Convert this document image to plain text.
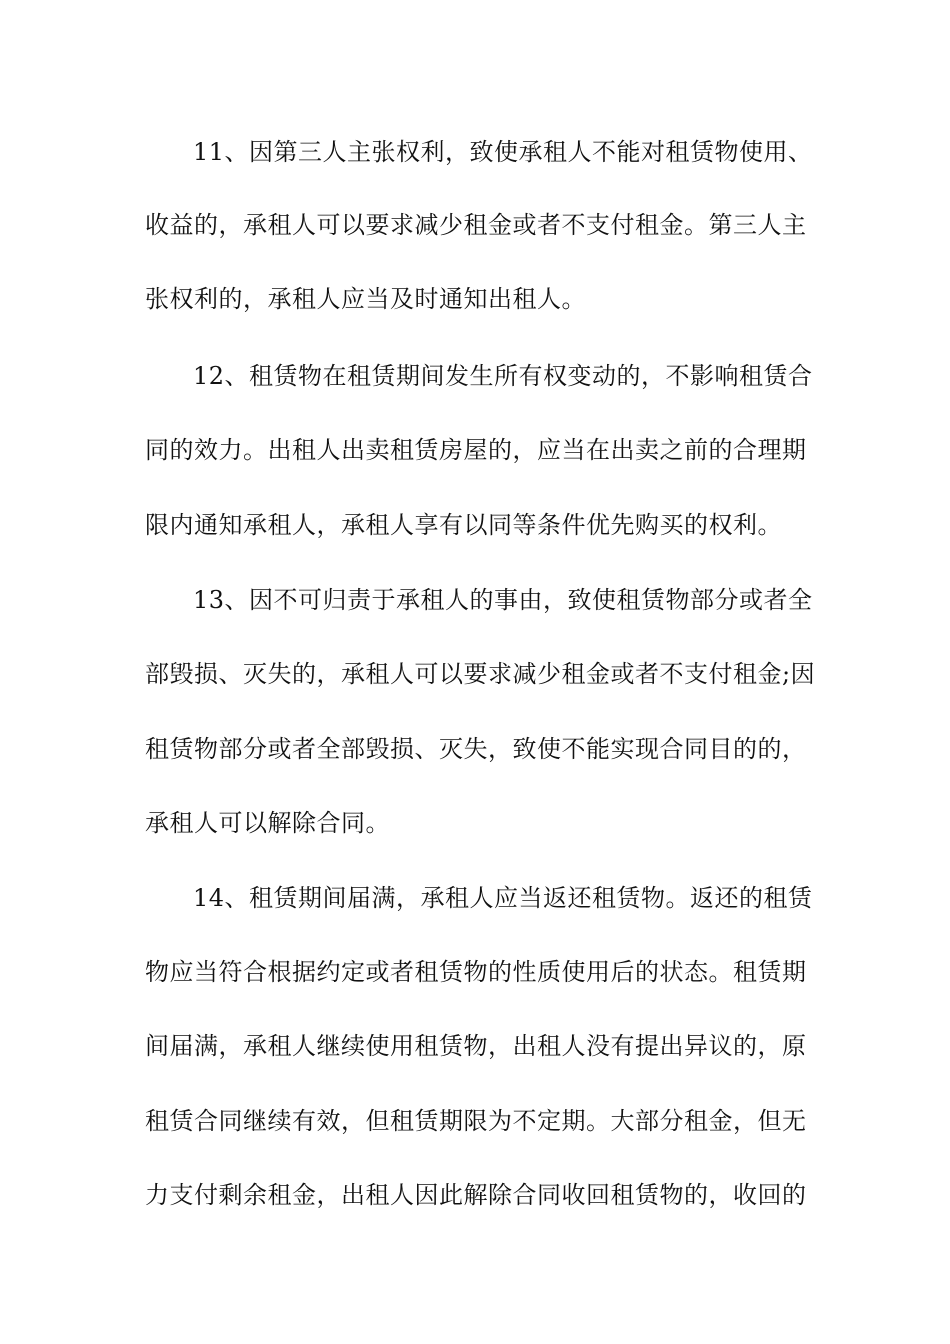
11、因第三人主张权利，致使承租人不能对租赁物使用、
收益的，承租人可以要求减少租金或者不支付租金。第三人主
张权利的，承租人应当及时通知出租人。
12、租赁物在租赁期间发生所有权变动的，不影响租赁合
同的效力。出租人出卖租赁房屋的，应当在出卖之前的合理期
限内通知承租人，承租人享有以同等条件优先购买的权利。
13、因不可归责于承租人的事由，致使租赁物部分或者全
部毁损、灭失的，承租人可以要求减少租金或者不支付租金;因
租赁物部分或者全部毁损、灭失，致使不能实现合同目的的，
承租人可以解除合同。
14、租赁期间届满，承租人应当返还租赁物。返还的租赁
物应当符合根据约定或者租赁物的性质使用后的状态。租赁期
间届满，承租人继续使用租赁物，出租人没有提出异议的，原
租赁合同继续有效，但租赁期限为不定期。大部分租金，但无
力支付剩余租金，出租人因此解除合同收回租赁物的，收回的
